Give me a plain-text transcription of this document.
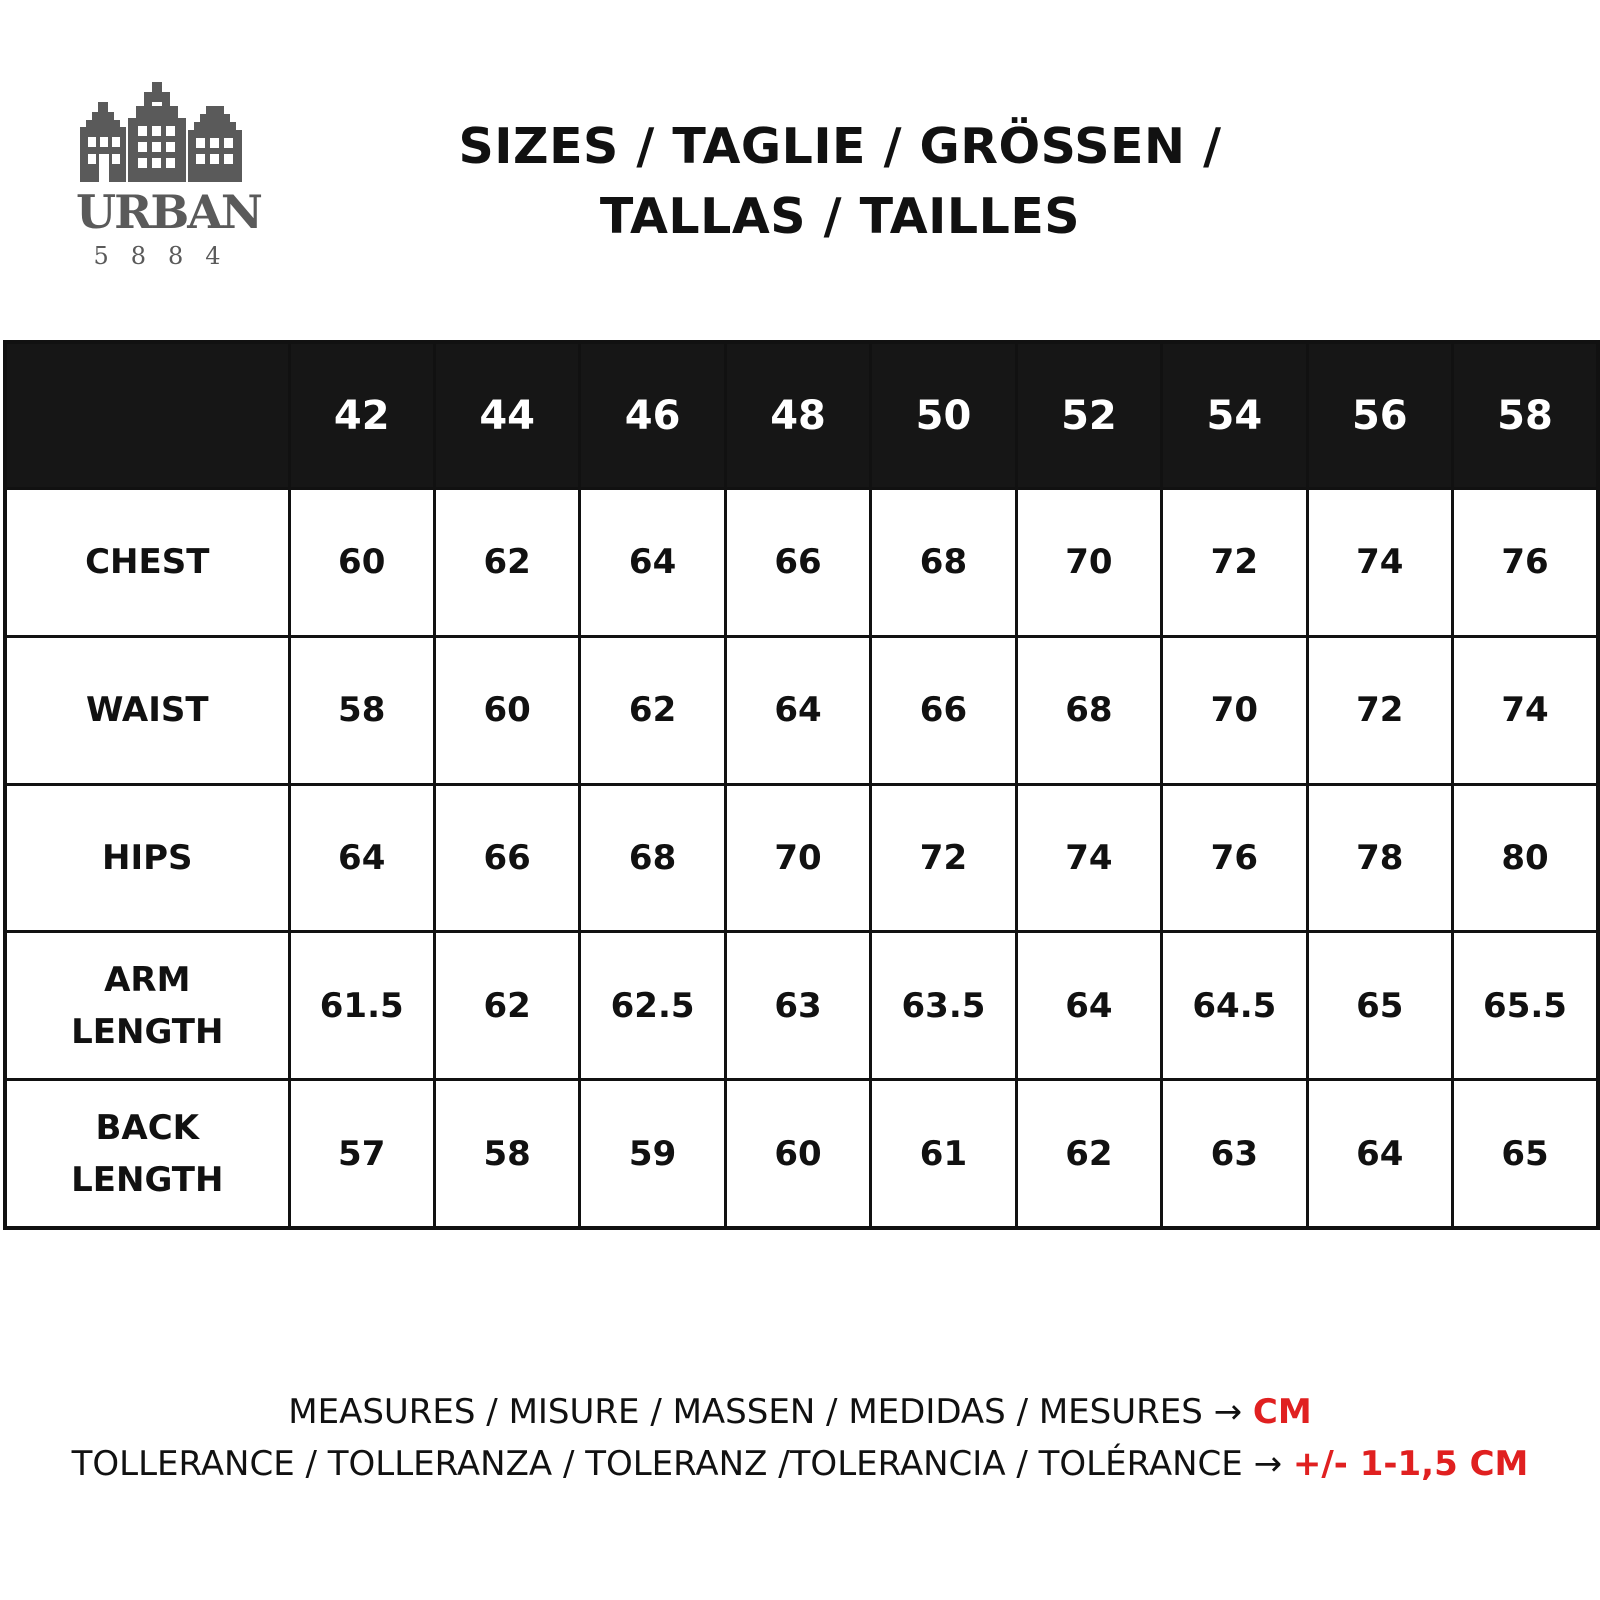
URBAN
5884
SIZES / TAGLIE / GRÖSSEN /
TALLAS / TAILLES
	42	44	46	48	50	52	54	56	58
CHEST	60	62	64	66	68	70	72	74	76
WAIST	58	60	62	64	66	68	70	72	74
HIPS	64	66	68	70	72	74	76	78	80
ARM
LENGTH	61.5	62	62.5	63	63.5	64	64.5	65	65.5
BACK
LENGTH	57	58	59	60	61	62	63	64	65
MEASURES / MISURE / MASSEN / MEDIDAS / MESURES → CM
TOLLERANCE / TOLLERANZA / TOLERANZ /TOLERANCIA / TOLÉRANCE → +/- 1-1,5 CM
